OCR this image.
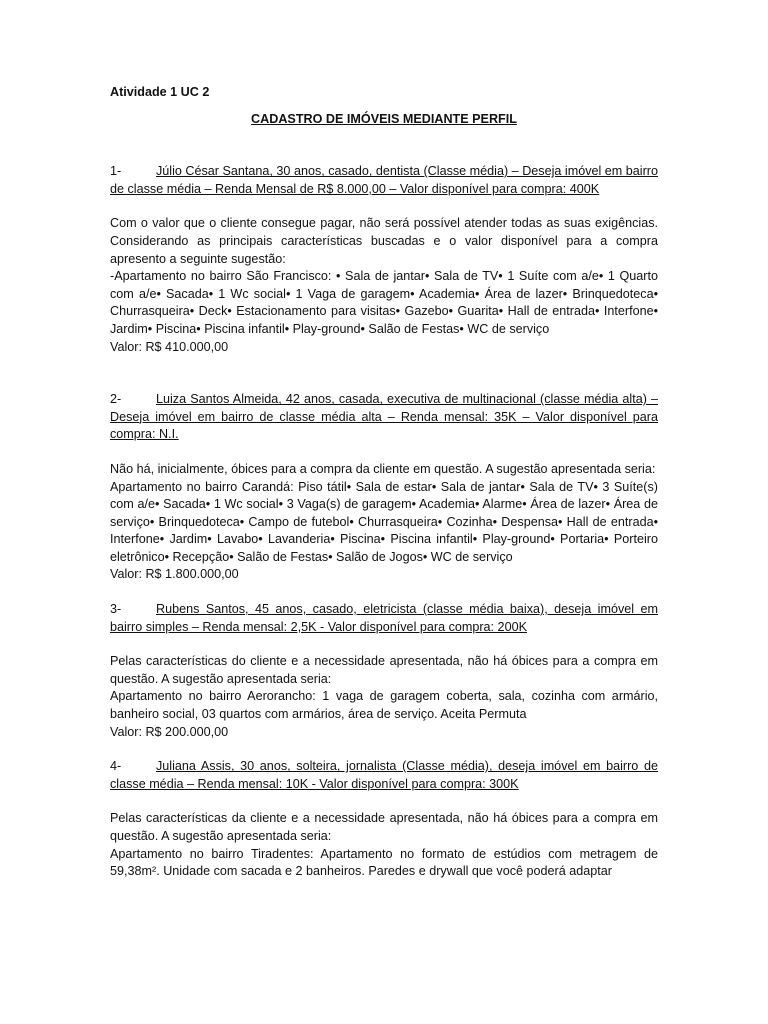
Atividade 1 UC 2

CADASTRO DE IMÓVEIS MEDIANTE PERFIL

1-	Júlio César Santana, 30 anos, casado, dentista (Classe média) – Deseja imóvel em bairro de classe média – Renda Mensal de R$ 8.000,00 – Valor disponível para compra: 400K

Com o valor que o cliente consegue pagar, não será possível atender todas as suas exigências. Considerando as principais características buscadas e o valor disponível para a compra apresento a seguinte sugestão:

-Apartamento no bairro São Francisco: • Sala de jantar• Sala de TV• 1 Suíte com a/e• 1 Quarto com a/e• Sacada• 1 Wc social• 1 Vaga de garagem• Academia• Área de lazer• Brinquedoteca• Churrasqueira• Deck• Estacionamento para visitas• Gazebo• Guarita• Hall de entrada• Interfone• Jardim• Piscina• Piscina infantil• Play-ground• Salão de Festas• WC de serviço

Valor: R$ 410.000,00

2-	Luiza Santos Almeida, 42 anos, casada, executiva de multinacional (classe média alta) – Deseja imóvel em bairro de classe média alta – Renda mensal: 35K – Valor disponível para compra: N.I.

Não há, inicialmente, óbices para a compra da cliente em questão. A sugestão apresentada seria:

Apartamento no bairro Carandá: Piso tátil• Sala de estar• Sala de jantar• Sala de TV• 3 Suíte(s) com a/e• Sacada• 1 Wc social• 3 Vaga(s) de garagem• Academia• Alarme• Área de lazer• Área de serviço• Brinquedoteca• Campo de futebol• Churrasqueira• Cozinha• Despensa• Hall de entrada• Interfone• Jardim• Lavabo• Lavanderia• Piscina• Piscina infantil• Play-ground• Portaria• Porteiro eletrônico• Recepção• Salão de Festas• Salão de Jogos• WC de serviço

Valor: R$ 1.800.000,00

3-	Rubens Santos, 45 anos, casado, eletricista (classe média baixa), deseja imóvel em bairro simples – Renda mensal: 2,5K - Valor disponível para compra: 200K

Pelas características do cliente e a necessidade apresentada, não há óbices para a compra em questão. A sugestão apresentada seria:

Apartamento no bairro Aerorancho: 1 vaga de garagem coberta, sala, cozinha com armário, banheiro social, 03 quartos com armários, área de serviço. Aceita Permuta

Valor: R$ 200.000,00

4-	Juliana Assis, 30 anos, solteira, jornalista (Classe média), deseja imóvel em bairro de classe média – Renda mensal: 10K - Valor disponível para compra: 300K

Pelas características da cliente e a necessidade apresentada, não há óbices para a compra em questão. A sugestão apresentada seria:

Apartamento no bairro Tiradentes: Apartamento no formato de estúdios com metragem de 59,38m². Unidade com sacada e 2 banheiros. Paredes e drywall que você poderá adaptar
